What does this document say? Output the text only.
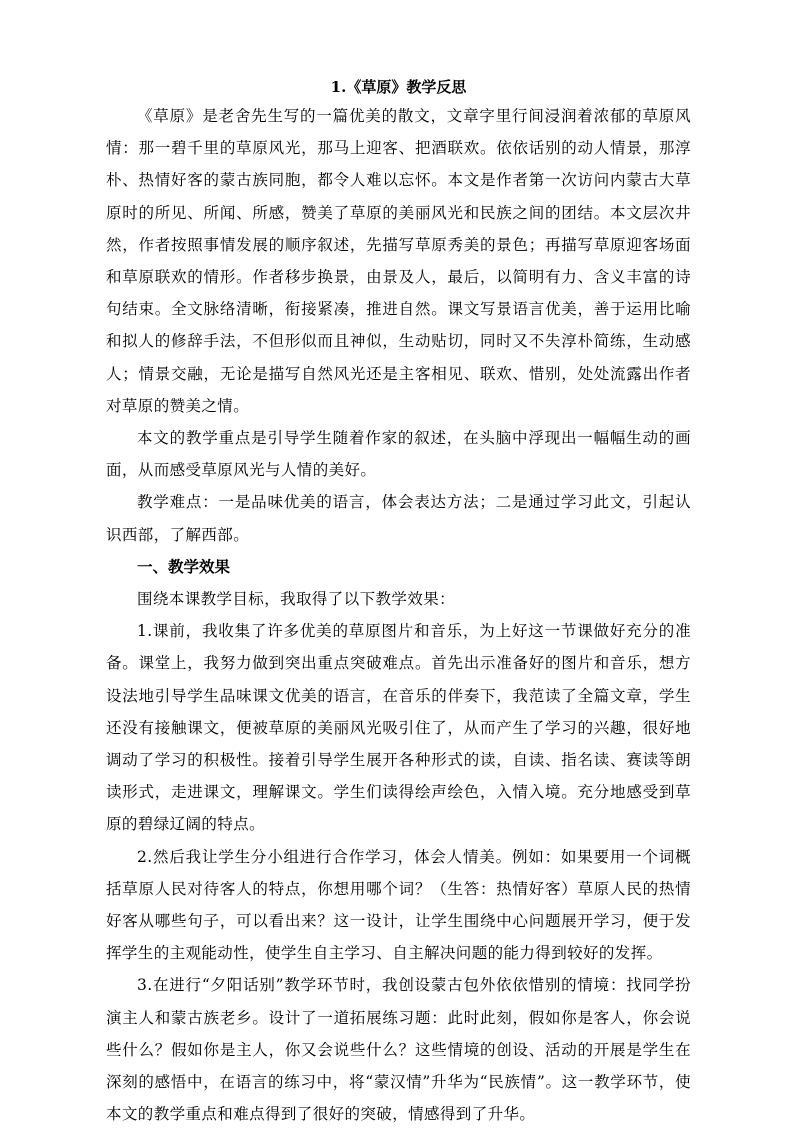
1.《草原》教学反思

《草原》是老舍先生写的一篇优美的散文，文章字里行间浸润着浓郁的草原风情：那一碧千里的草原风光，那马上迎客、把酒联欢。依依话别的动人情景，那淳朴、热情好客的蒙古族同胞，都令人难以忘怀。本文是作者第一次访问内蒙古大草原时的所见、所闻、所感，赞美了草原的美丽风光和民族之间的团结。本文层次井然，作者按照事情发展的顺序叙述，先描写草原秀美的景色；再描写草原迎客场面和草原联欢的情形。作者移步换景，由景及人，最后，以简明有力、含义丰富的诗句结束。全文脉络清晰，衔接紧凑，推进自然。课文写景语言优美，善于运用比喻和拟人的修辞手法，不但形似而且神似，生动贴切，同时又不失淳朴简练，生动感人；情景交融，无论是描写自然风光还是主客相见、联欢、惜别，处处流露出作者对草原的赞美之情。

本文的教学重点是引导学生随着作家的叙述，在头脑中浮现出一幅幅生动的画面，从而感受草原风光与人情的美好。

教学难点：一是品味优美的语言，体会表达方法；二是通过学习此文，引起认识西部，了解西部。

一、教学效果

围绕本课教学目标，我取得了以下教学效果：

1.课前，我收集了许多优美的草原图片和音乐，为上好这一节课做好充分的准备。课堂上，我努力做到突出重点突破难点。首先出示准备好的图片和音乐，想方设法地引导学生品味课文优美的语言，在音乐的伴奏下，我范读了全篇文章，学生还没有接触课文，便被草原的美丽风光吸引住了，从而产生了学习的兴趣，很好地调动了学习的积极性。接着引导学生展开各种形式的读，自读、指名读、赛读等朗读形式，走进课文，理解课文。学生们读得绘声绘色，入情入境。充分地感受到草原的碧绿辽阔的特点。

2.然后我让学生分小组进行合作学习，体会人情美。例如：如果要用一个词概括草原人民对待客人的特点，你想用哪个词？（生答：热情好客）草原人民的热情好客从哪些句子，可以看出来？这一设计，让学生围绕中心问题展开学习，便于发挥学生的主观能动性，使学生自主学习、自主解决问题的能力得到较好的发挥。

3.在进行“夕阳话别”教学环节时，我创设蒙古包外依依惜别的情境：找同学扮演主人和蒙古族老乡。设计了一道拓展练习题：此时此刻，假如你是客人，你会说些什么？假如你是主人，你又会说些什么？这些情境的创设、活动的开展是学生在深刻的感悟中，在语言的练习中，将“蒙汉情”升华为“民族情”。这一教学环节，使本文的教学重点和难点得到了很好的突破，情感得到了升华。
